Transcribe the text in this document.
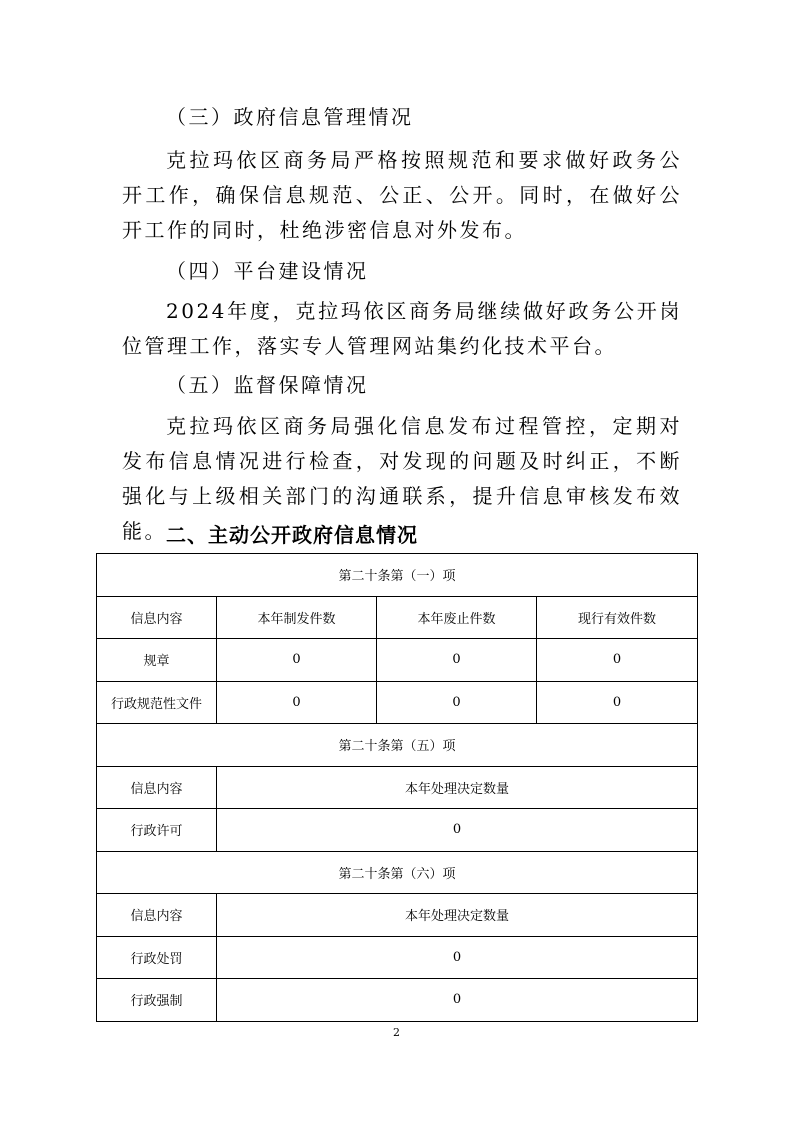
（三）政府信息管理情况

克拉玛依区商务局严格按照规范和要求做好政务公开工作，确保信息规范、公正、公开。同时，在做好公开工作的同时，杜绝涉密信息对外发布。

（四）平台建设情况

2024年度，克拉玛依区商务局继续做好政务公开岗位管理工作，落实专人管理网站集约化技术平台。

（五）监督保障情况

克拉玛依区商务局强化信息发布过程管控，定期对发布信息情况进行检查，对发现的问题及时纠正，不断强化与上级相关部门的沟通联系，提升信息审核发布效能。 二、主动公开政府信息情况

第二十条第（一）项			
信息内容	本年制发件数	本年废止件数	现行有效件数
规章	0	0	0
行政规范性文件	0	0	0
第二十条第（五）项			
信息内容	本年处理决定数量		
行政许可	0		
第二十条第（六）项			
信息内容	本年处理决定数量		
行政处罚	0		
行政强制	0		
2
